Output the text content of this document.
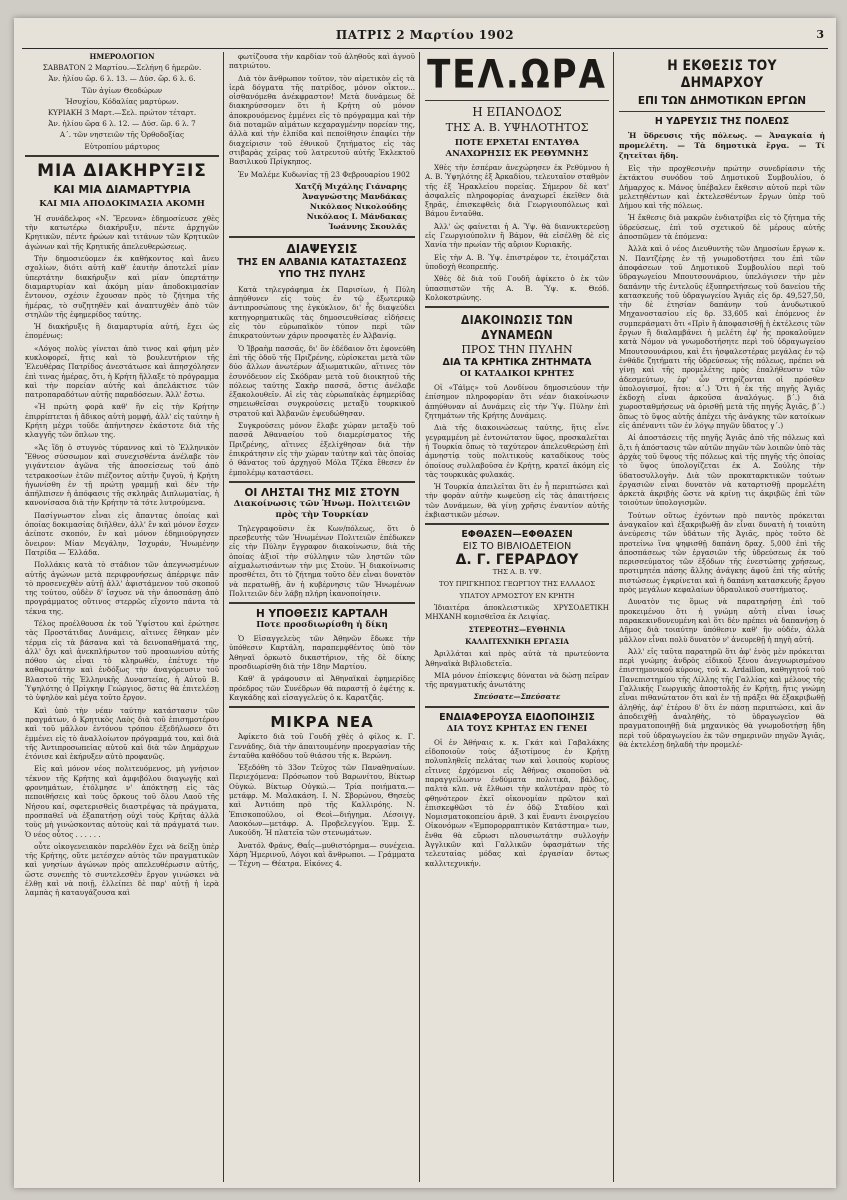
ΠΑΤΡΙΣ 2 Μαρτίου 1902	3
ΗΜΕΡΟΛΟΓΙΟΝ
ΣΑΒΒΑΤΟΝ 2 Μαρτίου.—Σελήνη 6 ἡμερῶν.
Ἀν. ἡλίου ὥρ. 6 λ. 13. — Δύσ. ὥρ. 6 λ. 6.
Τῶν ἁγίων Θεοδώρων
Ἡσυχίου, Κόδαλίας μαρτύρων.
ΚΥΡΙΑΚΗ 3 Μαρτ.—Σελ. πρώτον τέταρτ.
Ἀν. ἡλίου ὥρα 6 λ. 12. — Δύσ. ὥρ. 6 λ. 7
Α΄. τῶν νηστειῶν τῆς Ὀρθοδοξίας
Εὐτροπίου μάρτυρος
ΜΙΑ ΔΙΑΚΗΡΥΞΙΣ
ΚΑΙ ΜΙΑ ΔΙΑΜΑΡΤΥΡΙΑ
ΚΑΙ ΜΙΑ ΑΠΟΔΟΚΙΜΑΣΙΑ ΑΚΟΜΗ

Ἡ συνάδελφος «Ν. Ἔρευνα» ἐδημοσίευσε χθὲς τὴν κατωτέρω διακήρυξιν, πέντε ἀρχηγῶν Κρητικῶν, πέντε ἡρώων καὶ τιτάνων τῶν Κρητικῶν ἀγώνων καὶ τῆς Κρητικῆς ἀπελευθερώσεως.

Τὴν δημοσιεύομεν ἐκ καθήκοντος καὶ ἄνευ σχολίων, διότι αὐτὴ καθ' ἑαυτὴν ἀποτελεῖ μίαν ὑπερτάτην διακήρυξιν καὶ μίαν ὑπερτάτην διαμαρτυρίαν καὶ ἀκόμη μίαν ἀποδοκιμασίαν ἔντονον, σχέσιν ἔχουσαν πρὸς τὸ ζήτημα τῆς ἡμέρας, τὸ συζητηθὲν καὶ ἀναπτυχθὲν ἀπὸ τῶν στηλῶν τῆς ἐφημερίδος ταύτης.

Ἡ διακήρυξις ἢ διαμαρτυρία αὐτή, ἔχει ὡς ἑπομένως:

«Λόγος πολὺς γίνεται ἀπὸ τινος καὶ φήμη μὲν κυκλοφορεῖ, ἥτις καὶ τὸ βουλευτήριον τῆς Ἐλευθέρας Πατρίδος ἀνεστάτωσε καὶ ἀπησχόλησεν ἐπὶ τινας ἡμέρας, ὅτι, ἡ Κρήτη ἤλλαξε τὸ πρόγραμμα καὶ τὴν πορείαν αὐτῆς καὶ ἀπελάκτισε τῶν πατροπαραδότων αὐτῆς παραδόσεων. Ἀλλ' ἔστω.

«Ἡ πρώτη φορὰ καθ' ἣν εἰς τὴν Κρήτην ἐπιρρίπτεται ἡ ἄδικος αὐτὴ μομφή, ἀλλ' εἰς ταύτην ἡ Κρήτη μέχρι τοῦδε ἀπήντησεν ἑκάστοτε διὰ τῆς κλαγγῆς τῶν ὅπλων της.

«Ἀς ἴδῃ ὁ στυγνὸς τύραννος καὶ τὸ Ἑλληνικὸν Ἔθνος σύσσωμον καὶ συνεχισθέντα ἀνέλαβε τὸν γιγάντειον ἀγῶνα τῆς ἀποσείσεως τοῦ ἀπὸ τετρακοσίων ἐτῶν πιέζοντος αὐτὴν ζυγοῦ, ἡ Κρήτη ἠγωνίσθη ἐν τῇ πρώτῃ γραμμῇ καὶ δὲν τὴν ἀπήλπισεν ἡ ἀπόφασις τῆς σκληρᾶς Διπλωματίας, ἡ κανονίσασα διὰ τὴν Κρήτην τὰ τότε λυτρούμενα.

Πασίγνωστον εἶναι εἰς ἅπαντας ὁποίας καὶ ὁποίας δοκιμασίας διῆλθεν, ἀλλ' ἓν καὶ μόνον ἔσχεν ἀείποτε σκοπόν, ἓν καὶ μόνον ἐδημιούργησεν ὄνειρον: Μίαν Μεγάλην, Ἰσχυράν, Ἡνωμένην Πατρίδα — Ἑλλάδα.

Πολλάκις κατὰ τὸ στάδιον τῶν ἀπεγνωσμένων αὐτῆς ἀγώνων μετὰ περιφρονήσεως ἀπέρριψε πᾶν τὸ προσενεχθὲν αὐτῇ ἀλλ' ἀφιστάμενον τοῦ σκοποῦ της τούτου, οὐδὲν δ' ἴσχυσε νὰ τὴν ἀποσπάσῃ ἀπὸ προγράμματος οὕτινος στερρῶς εἴχοντο πάντα τὰ τέκνα της.

Τέλος προέλθουσα ἐκ τοῦ Ὑψίστου καὶ ἐρώτησε τὰς Προστάτιδας Δυνάμεις, αἵτινες ἔθηκαν μὲν τέρμα εἰς τὰ βάσανα καὶ τὰ δεινοπαθήματά της, ἀλλ' ὄχι καὶ ἀνεκπλήρωτον τοῦ προαιωνίου αὐτῆς πόθου ὡς εἶναι τὸ κληρωθέν, ἐπέτυχε τὴν καθαρωτάτην καὶ ἐνδόξως τὴν ἀναγόρευσιν τοῦ Βλαστοῦ τῆς Ἑλληνικῆς Δυναστείας, ἡ Αὐτοῦ Β. Ὑψηλότης ὁ Πρίγκηψ Γεώργιος, ὅστις θὰ ἐπιτελέσῃ τὸ ὑψηλὸν καὶ μέγα τοῦτο ἔργον.

Καὶ ὑπὸ τὴν νέαν ταύτην κατάστασιν τῶν πραγμάτων, ὁ Κρητικὸς Λαὸς διὰ τοῦ ἐπισημοτέρου καὶ τοῦ μᾶλλον ἐντόνου τρόπου ἐξεδήλωσεν ὅτι ἐμμένει εἰς τὸ ἀναλλοίωτον πρόγραμμά του, καὶ διὰ τῆς Ἀντιπροσωπείας αὐτοῦ καὶ διὰ τῶν Δημάρχων ἐτόνισε καὶ ἐκήρυξεν αὐτὸ προφανῶς.

Εἰς καὶ μόνον νέος πολιτευόμενος, μὴ γνήσιον τέκνον τῆς Κρήτης καὶ ἀμφιβόλου διαγωγῆς καὶ φρονημάτων, ἐτόλμησε ν' ἀπόκτησῃ εἰς τὰς πεποιθήσεις καὶ τοὺς ὅρκους τοῦ ὅλου Λαοῦ τῆς Νήσου καί, σφετερισθεὶς διαστρέψας τὰ πράγματα, προσπαθεῖ νὰ ἐξαπατήσῃ οὐχὶ τοὺς Κρῆτας ἀλλὰ τοὺς μὴ γινώσκοντας αὐτοὺς καὶ τὰ πράγματά των. Ὁ νέος οὗτος . . . . . .

οὗτε οἰκογενειακὸν παρελθὸν ἔχει νὰ δείξῃ ὑπὲρ τῆς Κρήτης, οὔτε μετέσχεν αὐτὸς τῶν πραγματικῶν καὶ γνησίων ἀγώνων πρὸς απελευθέρωσιν αὐτῆς, ὥστε συνεπὴς τὸ συντελεσθὲν ἔργον γινώσκει νὰ ἐλθῃ καὶ νὰ ποιῇ, ἐλλείπει δὲ παρ' αὐτῇ ἡ ἱερὰ λαμπὰς ἡ καταυγάζουσα καὶ

φωτίζουσα τὴν καρδίαν τοῦ ἀληθοῦς καὶ ἀγνοῦ πατριώτου.

Διὰ τὸν ἄνθρωπον τοῦτον, τὸν αἱρετικὸν εἰς τὰ ἱερὰ δόγματα τῆς πατρίδος, μόνον οἶκτον... οἰσθανόμεθα ἀνέκφραστον! Μετὰ δυνάμεως δὲ διακηρύσσομεν ὅτι ἡ Κρήτη οὐ μόνον ἀποκρουόμενος ἐμμένει εἰς τὸ πρόγραμμα καὶ τὴν διὰ ποταμῶν αἱμάτων κεχαραγμένην πορείαν της, ἀλλὰ καὶ τὴν ἐλπίδα καὶ πεποίθησιν ἐπαφίει τὴν διαχείρισιν τοῦ ἐθνικοῦ ζητήματος εἰς τὰς στιβαρὰς χεῖρας τοῦ λατρευτοῦ αὐτῆς Ἐκλεκτοῦ Βασιλικοῦ Πρίγκηπος.

Ἐν Μαλέμε Κυδωνίας τῇ 23 Φεβρουαρίου 1902

Χατζῆ Μιχάλης Γιάναρης
Ἀναγνώστης Μανδάκας
Νικόλαος Νικολούδης
Νικόλαος Ι. Μάνδακας
Ἰωάννης Σκουλᾶς
ΔΙΑΨΕΥΣΙΣ
ΤΗΣ ΕΝ ΑΛΒΑΝΙΑ ΚΑΤΑΣΤΑΣΕΩΣ
ΥΠΟ ΤΗΣ ΠΥΛΗΣ

Κατὰ τηλεγράφημα ἐκ Παρισίων, ἡ Πύλη ἀπηύθυνεν εἰς τοὺς ἐν τῷ ἐξωτερικῷ ἀντιπροσώπους της ἐγκύκλιον, δι' ἧς διαψεύδει κατηγορηματικῶς τὰς δημοσιευθείσας εἰδήσεις εἰς τὸν εὐρωπαϊκὸν τύπον περὶ τῶν ἐπικρατούντων χάριν προσφατὲς ἐν Ἀλβανίᾳ.

Ὁ Ἰβραὴμ πασσᾶς, δι' ὃν ἐδέδαιον ὅτι ἐφονεύθη ἐπὶ τῆς ὁδοῦ τῆς Πριζρένης, εὑρίσκεται μετὰ τῶν δύο ἄλλων ἀνωτέρων ἀξιωματικῶν, αἵτινες τὸν ἐσυνόδευον εἰς Σκόδραν μετὰ τοῦ διοικητοῦ τῆς πόλεως ταύτης Σακὴρ πασσᾶ, ὅστις ἀνέλαβε ἐξακολουθεῖν. Αἱ εἰς τὰς εὐρωπαϊκὰς ἐφημερίδας σημειωθεῖσαι συγκρούσεις μεταξὺ τουρκικοῦ στρατοῦ καὶ Ἀλβανῶν ἐψευδώθησαν.

Συγκρούσεις μόνον ἔλαβε χώραν μεταξὺ τοῦ πασσᾶ Ἀθανασίου τοῦ διαμερίσματος τῆς Πριζρένης, αἵτινες ἐξελίχθησαν διὰ τὴν ἐπικράτησιν εἰς τὴν χώραν ταύτην καὶ τὰς ὁποίας ὁ θάνατος τοῦ ἀρχηγοῦ Μόλα Τζέκα ἔθεσεν ἐν ἐμπολέμῳ καταστάσει.

ΟΙ ΛΗΣΤΑΙ ΤΗΣ ΜΙΣ ΣΤΟΥΝ
Διακοίνωσις τῶν Ἡνωμ. Πολιτειῶν πρὸς τὴν Τουρκίαν

Τηλεγραφοῦσιν ἐκ Κων/πόλεως, ὅτι ὁ πρεσβευτὴς τῶν Ἡνωμένων Πολιτειῶν ἐπέδωκεν εἰς τὴν Πύλην ἔγγραφον διακοίνωσιν, διὰ τῆς ὁποίας ἀξιοῖ τὴν σύλληψιν τῶν ληστῶν τῶν αἰχμαλωτισάντων τὴν μις Στοὺν. Ἡ διακοίνωσις προσθέτει, ὅτι τὸ ζήτημα τοῦτο δὲν εἶναι δυνατὸν νὰ περατωθῇ, ἂν ἡ κυβέρνησις τῶν Ἡνωμένων Πολιτειῶν δὲν λάβῃ πλήρη ἱκανοποίησιν.

Η ΥΠΟΘΕΣΙΣ ΚΑΡΤΑΛΗ
Ποτε προσδιωρίσθη ἡ δίκη

Ὁ Εἰσαγγελεὺς τῶν Ἀθηνῶν ἔδωκε τὴν ὑπόθεσιν Καρτάλη, παραπεμφθέντος ὑπὸ τὸν Ἀθηναϊ ὁρκωτὸ δικαστήριον, τῆς δὲ δίκης προσδιωρίσθη διὰ τὴν 18ην Μαρτίου.

Καθ' ἃ γράφουσιν αἱ Ἀθηναϊκαὶ ἐφημερίδες πρόεδρος τῶν Συνέδρων θὰ παραστῇ ὁ ἐφέτης κ. Καγκάδης καὶ εἰσαγγελεὺς ὁ κ. Καρατζᾶς.

ΜΙΚΡΑ ΝΕΑ

Ἀφίκετο διὰ τοῦ Γουδῆ χθὲς ὁ φίλος κ. Γ. Γεννάδης, διὰ τὴν ἀπαιτουμένην προεργασίαν τῆς ἐνταῦθα καθόδου τοῦ θιάσου τῆς κ. Βερώνη.

Ἐξεδόθη τὸ 33ον Τεῦχος τῶν Παναθηναίων. Περιεχόμενα: Πρόσωπον τοῦ Βαρωνίτου, Βίκτωρ Οὐγκώ. Βίκτωρ Οὐγκώ.— Τρία ποιήματα.—μετάφρ. Μ. Μαλακάση. Ι. Ν. Σβορώνου, Θησεὺς καὶ Ἀντιόπη πρὸ τῆς Καλλιρόης. Ν. Ἐπισκοπούλου, οἱ Θεοὶ—διήγημα. Λέσοιγγ, Λαοκόων—μετάφρ. Α. Προβελεγγίου. Ἐμμ. Σ. Λυκούδη. Ἡ πλατεῖα τῶν στενωμάτων.

Ἀνατόλ Φράνς, Θαΐς—μυθιστόρημα— συνέχεια. Χάρη Ἡμερινοῦ, Λόγοι καὶ ἄνθρωποι. — Γράμματα — Τέχνη — Θέατρα. Εἰκόνες 4.

ΤΕΛ.ΩΡΑ
Η ΕΠΑΝΟΔΟΣ
ΤΗΣ Α. Β. ΥΨΗΛΟΤΗΤΟΣ
ΠΟΤΕ ΕΡΧΕΤΑΙ ΕΝΤΑΥΘΑ
ΑΝΑΧΩΡΗΣΙΣ ΕΚ ΡΕΘΥΜΝΗΣ

Χθὲς τὴν ἑσπέραν ἀνεχώρησεν ἐκ Ρεθύμνου ἡ Α. Β. Ὑψηλότης ἐξ Ἀρκαδίου, τελευταῖον σταθμὸν τῆς ἐξ Ἡρακλείου πορείας. Σήμερον δὲ κατ' ἀσφαλεῖς πληροφορίας ἀναχωρεῖ ἐκεῖθεν διὰ ξηρᾶς, ἐπισκεφθεὶς διὰ Γεωργιουπόλεως καὶ Βάμου ἔνταῦθα.

Ἀλλ' ὡς φαίνεται ἡ Α. Ὑψ. θὰ διανυκτερεύσῃ εἰς Γεωργιούπολιν ἢ Βάμον, θὰ εἰσέλθῃ δὲ εἰς Χανία τὴν πρωίαν τῆς αὔριον Κυριακῆς.

Εἰς τὴν Α. Β. Ὑψ. ἐπιστρέφον τε, ἑτοιμάζεται ὑποδοχὴ θεοπρεπής.

Χθὲς δὲ διὰ τοῦ Γουδῆ ἀφίκετο ὁ ἐκ τῶν ὑπασπιστῶν τῆς Α. Β. Ὑψ. κ. Θεόδ. Κολοκοτρώνης.

ΔΙΑΚΟΙΝΩΣΙΣ ΤΩΝ ΔΥΝΑΜΕΩΝ
ΠΡΟΣ ΤΗΝ ΠΥΛΗΝ
ΔΙΑ ΤΑ ΚΡΗΤΙΚΑ ΖΗΤΗΜΑΤΑ
ΟΙ ΚΑΤΑΔΙΚΟΙ ΚΡΗΤΕΣ

Οἱ «Τάϊμς» τοῦ Λονδίνου δημοσιεύουν τὴν ἐπίσημον πληροφορίαν ὅτι νέαν διακοίνωσιν ἀπηύθυναν αἱ Δυνάμεις εἰς τὴν Ὑψ. Πύλην ἐπὶ ζητημάτων τῆς Κρήτης Δυνάμεις.

Διὰ τῆς διακοινώσεως ταύτης, ἥτις εἶνε γεγραμμένη μὲ ἐντονώτατον ὕφος, προσκαλεῖται ἡ Τουρκία ὅπως τὸ ταχύτερον ἀπελευθερώσῃ ἐπὶ ἀμνηστίᾳ τοὺς πολιτικοὺς καταδίκους τοὺς ὁποίους συλλαβοῦσα ἐν Κρήτῃ, κρατεῖ ἀκόμη εἰς τὰς τουρκικὰς φυλακάς.

Ἡ Τουρκία ἀπειλεῖται ὅτι ἐν ἦ περιπτώσει καὶ τὴν φορὰν αὐτὴν κωφεύσῃ εἰς τὰς ἀπαιτήσεις τῶν Δυνάμεων, θὰ γίνῃ χρῆσις ἐναντίον αὐτῆς ἐκβιαστικῶν μέσων.

ΕΦΘΑΣΕΝ—ΕΦΘΑΣΕΝ
ΕΙΣ ΤΟ ΒΙΒΛΙΟΔΕΤΕΙΟΝ
Δ. Γ. ΓΕΡΑΡΔΟΥ

ΤΗΣ Α. Β. ΥΨ.

ΤΟΥ ΠΡΙΓΚΗΠΟΣ ΓΕΩΡΓΙΟΥ ΤΗΣ ΕΛΛΑΔΟΣ

ΥΠΑΤΟΥ ΑΡΜΟΣΤΟΥ ΕΝ ΚΡΗΤΗ

Ἰδιαιτέρα ἀποκλειστικῶς ΧΡΥΣΟΔΕΤΙΚΗ ΜΗΧΑΝΗ κομισθεῖσα ἐκ Λειψίας.

ΣΤΕΡΕΟΤΗΣ—ΕΥΘΗΝΙΑ

ΚΑΛΛΙΤΕΧΝΙΚΗ ΕΡΓΑΣΙΑ

Ἀριλλάται καὶ πρὸς αὐτὰ τὰ πρωτεύοντα Ἀθηναϊκὰ Βιβλιοδετεῖα.

ΜΙΑ μόνον ἐπίσκεψις δύναται νὰ δώσῃ πεῖραν τῆς πραγματικῆς ἀνωτάτης

Σπεύσατε—Σπεύσατε

ΕΝΔΙΑΦΕΡΟΥΣΑ ΕΙΔΟΠΟΙΗΣΙΣ
ΔΙΑ ΤΟΥΣ ΚΡΗΤΑΣ ΕΝ ΓΕΝΕΙ

Οἱ ἐν Ἀθήναις κ. κ. Γκάτ καὶ Γαβαλάκης εἰδοποιοῦν τοὺς ἀξιοτίμους ἐν Κρήτῃ πολυπληθεῖς πελάτας των καὶ λοιποὺς κυρίους εἴτινες ἐρχόμενοι εἰς Ἀθήνας σκοποῦσι νὰ παραγγείλωσιν ἐνδύματα πολιτικὰ, βάλδος, παλτὰ κλπ. νὰ ἔλθωσι τὴν καλυτέραν πρὸς τὸ φθηνότερον ἐκεῖ οἰκονομίαν πρῶτον καὶ ἐπισκεφθῶσι τὸ ἐν ὁδῷ Σταδίου καὶ Νομισματοκοπείου ἀριθ. 3 καὶ ἔναντι ἐνοιργείου Οἰκονόμων «Ἐμπορορραπτικὸν Κατάστημα» των, ἔνθα θὰ εὕρωσι πλουσιωτάτην συλλογὴν Ἀγγλικῶν καὶ Γαλλικῶν ὑφασμάτων τῆς τελευταίας μόδας καὶ ἐργασίαν ὄντως καλλιτεχνικήν.

Η ΕΚΘΕΣΙΣ ΤΟΥ ΔΗΜΑΡΧΟΥ
ΕΠΙ ΤΩΝ ΔΗΜΟΤΙΚΩΝ ΕΡΓΩΝ
Η ΥΔΡΕΥΣΙΣ ΤΗΣ ΠΟΛΕΩΣ

Ἡ ὕδρευσις τῆς πόλεως. — Ἀναγκαία ἡ προμελέτη. — Τὰ δημοτικὰ ἔργα. — Τί ζητεῖται ἤδη.

Εἰς τὴν προχθεσινὴν πρώτην συνεδρίασιν τῆς ἐκτάκτου συνόδου τοῦ Δημοτικοῦ Συμβουλίου, ὁ Δήμαρχος κ. Μάνος ὑπέβαλεν ἔκθεσιν αὐτοῦ περὶ τῶν μελετηθέντων καὶ ἐκτελεσθέντων ἔργων ὑπὲρ τοῦ Δήμου καὶ τῆς πόλεως.

Ἡ ἔκθεσις διὰ μακρῶν ἐνδιατρίβει εἰς τὸ ζήτημα τῆς ὑδρεύσεως, ἐπὶ τοῦ σχετικοῦ δὲ μέρους αὐτῆς ἀποσπῶμεν τὰ ἑπόμενα:

Ἀλλὰ καὶ ὁ νέος Διευθυντὴς τῶν Δημοσίων ἔργων κ. Ν. Παντζέρης ἐν τῇ γνωμοδοτήσει του ἐπὶ τῶν ἀποφάσεων τοῦ Δημοτικοῦ Συμβουλίου περὶ τοῦ ὑδραγωγείου Μπουτσουνάριου, ὑπελόγισεν τὴν μὲν δαπάνην τῆς ἐντελοῦς ἐξυπηρετήσεως τοῦ δανείου τῆς κατασκευῆς τοῦ ὑδραγωγείου Ἁγιᾶς εἰς δρ. 49,527,50, τὴν δὲ ἐτησίαν δαπάνην τοῦ ἀνυδωτικοῦ Μηχανοστασίου εἰς δρ. 33,605 καὶ ἐπόμενος ἐν συμπεράσματι ὅτι «Πρὶν ἢ ἀποφασισθῇ ἡ ἐκτέλεσις τῶν ἔργων ἢ διαλαμβάνει ἡ μελέτη ἐφ' ἧς προκαλοῦμεν κατὰ Νόμον νὰ γνωμοδοτήσητε περὶ τοῦ ὑδραγωγείου Μπουτσουνάριου, καὶ ἔτι ἠσφαλεστέρας μεγάλας ἐν τῷ ἐνθάδε ζητήματι τῆς ὑδρεύσεως τῆς πόλεως, πρέπει νὰ γίνῃ καὶ τῆς προμελέτης πρὸς ἐπαλήθευσιν τῶν ἀδεσμεύτων, ἐφ' ὧν στηρίζονται οἱ πρόσθεν ὑπολογισμοί, ἤτοι: α΄.) Ὅτι ἡ ἐκ τῆς πηγῆς Ἁγιᾶς ἐκδοχὴ εἶναι ἀρκοῦσα ἀναλόγως. β΄.) διὰ χωροσταθμήσεως νὰ ὁρισθῇ μετὰ τῆς πηγῆς Ἁγιᾶς, β΄.) ὅπως τὸ ὕψος αὐτῆς ἀπέχει τῆς ἀνάγκης τῶν κατοίκων εἰς ἀπέναντι τῶν ἐν λόγῳ πηγῶν ὕδατος γ΄.)

Αἱ ἀποστάσεις τῆς πηγῆς Ἁγιᾶς ἀπὸ τῆς πόλεως καὶ ὅ,τι ἡ ἀπόστασις τῶν αὐτῶν πηγῶν τῶν λοιπῶν ὑπὸ τὰς ἀρχὰς τοῦ ὕψους τῆς πόλεως καὶ τῆς πηγῆς τῆς ὁποίας τὸ ὕψος ὑπολογίζεται ἐκ Α. Σούλης τὴν ὑδατοσυλλογὴν. Διὰ τῶν προκαταρκτικῶν τούτων ἐργασιῶν εἶναι δυνατὸν νὰ καταρτισθῇ προμελέτη ἀρκετὰ ἀκριβὴς ὥστε νὰ κρίνῃ τις ἀκριβῶς ἐπὶ τῶν τοιούτων ὑπολογισμῶν.

Τούτων οὕτως ἐχόντων πρὸ παντὸς πρόκειται ἀναγκαῖον καὶ ἐξακριβωθῇ ἂν εἶναι δυνατὴ ἡ τοιαύτη ἀνεύρεσις τῶν ὑδάτων τῆς Ἁγιᾶς, πρὸς τοῦτο δὲ προτείνω ἵνα ψηφισθῇ δαπάνη δραχ. 5,000 ἐπὶ τῆς ἀποσπάσεως τῶν ἐργασιῶν τῆς ὑδρεύσεως ἐκ τοῦ περισσεύματος τῶν ἐξόδων τῆς ἐνεστώσης χρήσεως, προτιμητέα πάσης ἄλλης ἀνάγκης ἀφοῦ ἐπὶ τῆς αὐτῆς πιστώσεως ἐγκρίνεται καὶ ἡ δαπάνη κατασκευῆς ἔργου πρὸς μεγάλων κεφαλαίων ὑδραυλικοῦ συστήματος.

Δυνατὸν τις ὅμως νὰ παρατηρήσῃ ἐπὶ τοῦ προκειμένου ὅτι ἡ γνώμη αὐτὴ εἶναι ἰσως παρακεκινδυνευμένη καὶ ὅτι δὲν πρέπει νὰ δαπανήσῃ ὁ Δῆμος διὰ τοιαύτην ὑπόθεσιν καθ' ἣν οὐδέν, ἀλλὰ μᾶλλον εἶναι πολὺ δυνατὸν ν' ἀνευρεθῇ ἡ πηγὴ αὐτή.

Ἀλλ' εἰς ταῦτα παρατηρῶ ὅτι ἀφ' ἑνὸς μὲν πρόκειται περὶ γνώμης ἀνδρὸς εἰδικοῦ ξένου ἀνεγνωρισμένου ἐπιστημονικοῦ κύρους, τοῦ κ. Ardaillon, καθηγητοῦ τοῦ Πανεπιστημίου τῆς Λίλλης τῆς Γαλλίας καὶ μέλους τῆς Γαλλικῆς Γεωργικῆς ἀποστολῆς ἐν Κρήτῃ, ἥτις γνώμη εἶναι πιθανώτατον ὅτι καὶ ἐν τῇ πράξει θὰ ἐξακριβωθῇ ἀληθής, ἀφ' ἑτέρου δ' ὅτι ἐν πάσῃ περιπτώσει, καὶ ἂν ἀποδειχθῇ ἀναληθὴς, τὸ ὑδραγωγεῖον θὰ πραγματοποιηθῇ διὰ μηχανικὸς θὰ γνωμοδοτήσῃ ἤδη περὶ τοῦ ὑδραγωγείου ἐκ τῶν σημερινῶν πηγῶν Ἁγιᾶς, θὰ ἐκτελέσῃ δηλαδὴ τὴν προμελέ-
